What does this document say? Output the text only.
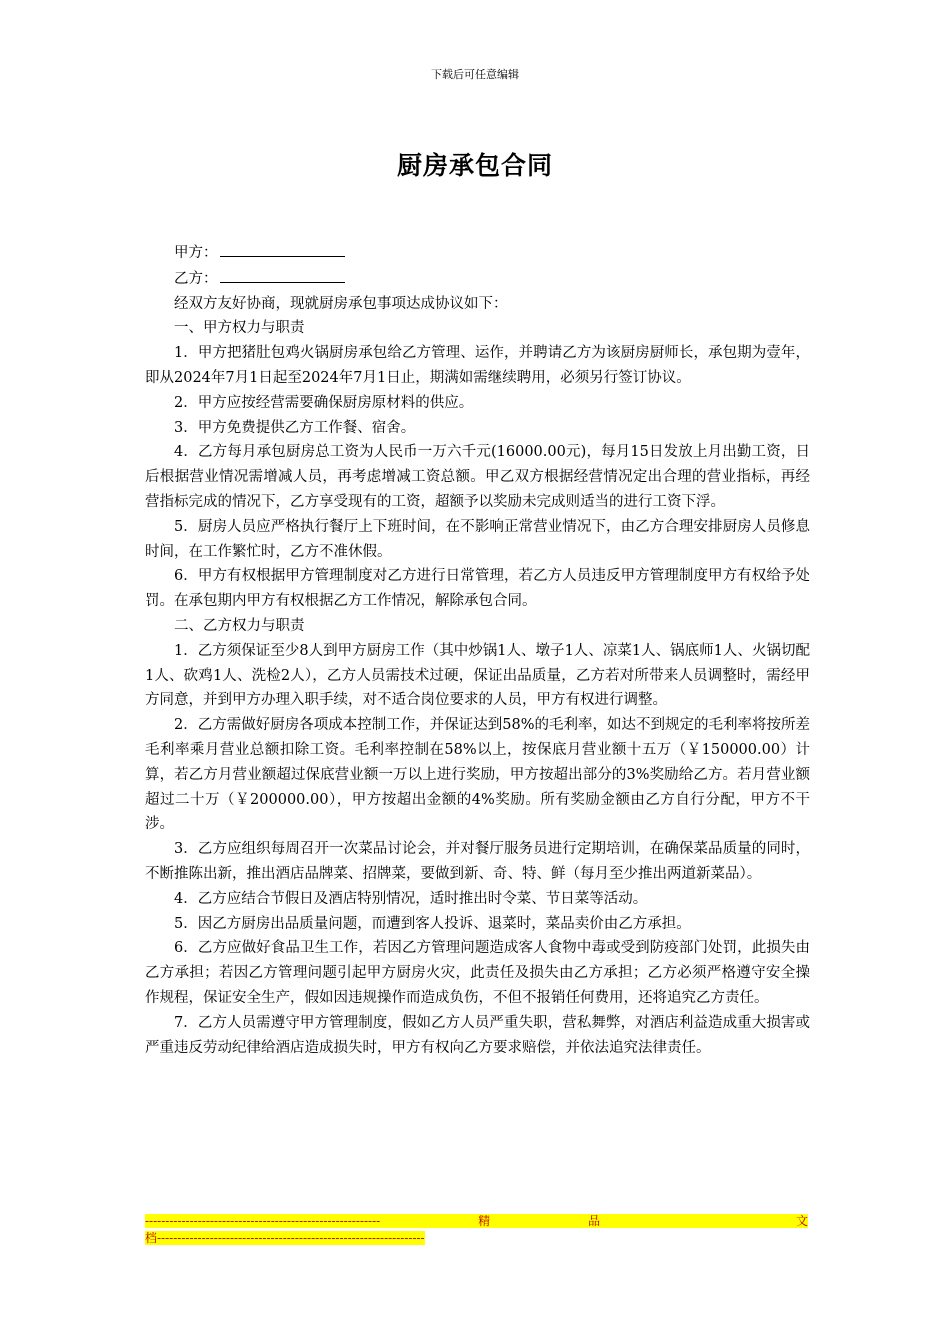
下载后可任意编辑
厨房承包合同
甲方：
乙方：

经双方友好协商，现就厨房承包事项达成协议如下：

一、甲方权力与职责

1．甲方把猪肚包鸡火锅厨房承包给乙方管理、运作，并聘请乙方为该厨房厨师长，承包期为壹年，即从2024年7月1日起至2024年7月1日止，期满如需继续聘用，必须另行签订协议。

2．甲方应按经营需要确保厨房原材料的供应。

3．甲方免费提供乙方工作餐、宿舍。

4．乙方每月承包厨房总工资为人民币一万六千元(16000.00元)，每月15日发放上月出勤工资，日后根据营业情况需增减人员，再考虑增减工资总额。甲乙双方根据经营情况定出合理的营业指标，再经营指标完成的情况下，乙方享受现有的工资，超额予以奖励未完成则适当的进行工资下浮。

5．厨房人员应严格执行餐厅上下班时间，在不影响正常营业情况下，由乙方合理安排厨房人员修息时间，在工作繁忙时，乙方不准休假。

6．甲方有权根据甲方管理制度对乙方进行日常管理，若乙方人员违反甲方管理制度甲方有权给予处罚。在承包期内甲方有权根据乙方工作情况，解除承包合同。

二、乙方权力与职责

1．乙方须保证至少8人到甲方厨房工作（其中炒锅1人、墩子1人、凉菜1人、锅底师1人、火锅切配1人、砍鸡1人、洗检2人），乙方人员需技术过硬，保证出品质量，乙方若对所带来人员调整时，需经甲方同意，并到甲方办理入职手续，对不适合岗位要求的人员，甲方有权进行调整。

2．乙方需做好厨房各项成本控制工作，并保证达到58%的毛利率，如达不到规定的毛利率将按所差毛利率乘月营业总额扣除工资。毛利率控制在58%以上，按保底月营业额十五万（￥150000.00）计算，若乙方月营业额超过保底营业额一万以上进行奖励，甲方按超出部分的3%奖励给乙方。若月营业额超过二十万（￥200000.00），甲方按超出金额的4%奖励。所有奖励金额由乙方自行分配，甲方不干涉。

3．乙方应组织每周召开一次菜品讨论会，并对餐厅服务员进行定期培训，在确保菜品质量的同时，不断推陈出新，推出酒店品牌菜、招牌菜，要做到新、奇、特、鲜（每月至少推出两道新菜品）。

4．乙方应结合节假日及酒店特别情况，适时推出时令菜、节日菜等活动。

5．因乙方厨房出品质量问题，而遭到客人投诉、退菜时，菜品卖价由乙方承担。

6．乙方应做好食品卫生工作，若因乙方管理问题造成客人食物中毒或受到防疫部门处罚，此损失由乙方承担；若因乙方管理问题引起甲方厨房火灾，此责任及损失由乙方承担；乙方必须严格遵守安全操作规程，保证安全生产，假如因违规操作而造成负伤，不但不报销任何费用，还将追究乙方责任。

7．乙方人员需遵守甲方管理制度，假如乙方人员严重失职，营私舞弊，对酒店利益造成重大损害或严重违反劳动纪律给酒店造成损失时，甲方有权向乙方要求赔偿，并依法追究法律责任。

----------------------------------------------------------	精	品	文
档------------------------------------------------------------------
